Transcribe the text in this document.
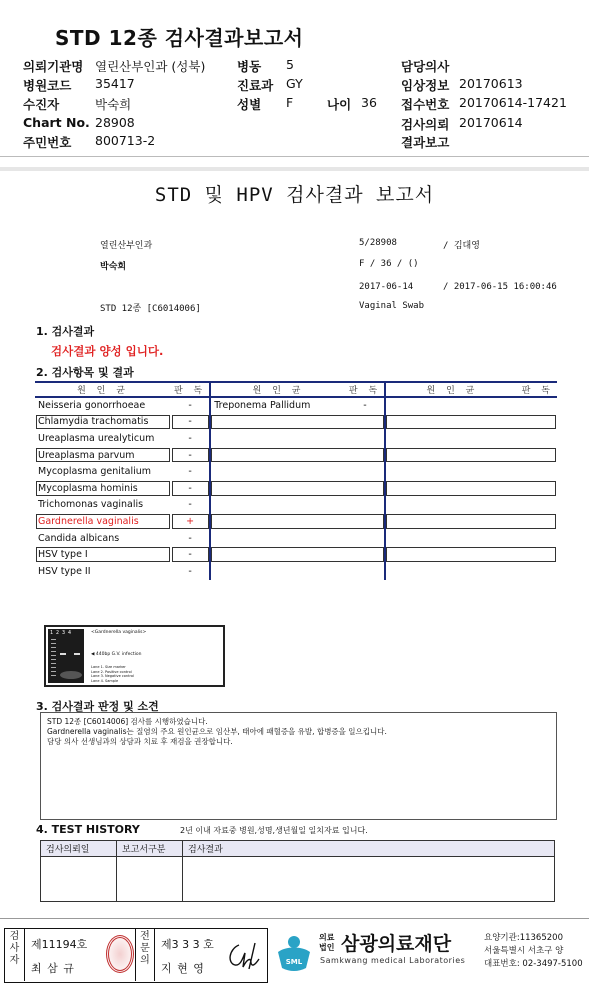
STD 12종 검사결과보고서
의뢰기관명 열린산부인과 (성북)	병동 5	담당의사
병원코드 35417	진료과 GY	임상정보 20170613
수진자	박숙희	성별 F	나이 36 접수번호 20170614-17421
Chart No. 28908	검사의뢰 20170614
주민번호 800713-2	결과보고
STD 및 HPV 검사결과 보고서
열린산부인과	5/28908	/ 김대영
박숙희	F / 36 / ()
2017-06-14	/ 2017-06-15 16:00:46
STD 12종 [C6014006]	Vaginal Swab
1. 검사결과
검사결과 양성 입니다.
2. 검사항목 및 결과
원 인 균	판 독	원 인 균	판 독	원 인 균	판 독
Neisseria gonorrhoeae	-	Treponema Pallidum	-		
Chlamydia trachomatis	-				
Ureaplasma urealyticum	-				
Ureaplasma parvum	-				
Mycoplasma genitalium	-				
Mycoplasma hominis	-				
Trichomonas vaginalis	-				
Gardnerella vaginalis	+				
Candida albicans	-				
HSV type I	-				
HSV type II	-				
1 2 3 4	<Gardnerella vaginalis>
◀ 440bp G.V. infection
Lane 1. Size marker
Lane 2. Positive control
Lane 3. Negative control
Lane 4. Sample
3. 검사결과 판정 및 소견
STD 12종 [C6014006] 검사를 시행하였습니다.
Gardnerella vaginalis는 질염의 주요 원인균으로 임산부, 태아에 패혈증을 유발, 합병증을 일으킵니다.
담당 의사 선생님과의 상담과 치료 후 재검을 권장합니다.
4. TEST HISTORY	2년 이내 자료중 병원,성명,생년월일 일치자료 입니다.
검사의뢰일	보고서구분	검사결과

검사자
제11194호
최 삼 규
전문의
제3 3 3 호
지 현 영	SML
의료
법인 삼광의료재단
Samkwang medical Laboratories
요양기관:11365200
서울특별시 서초구 양
대표번호: 02-3497-5100
